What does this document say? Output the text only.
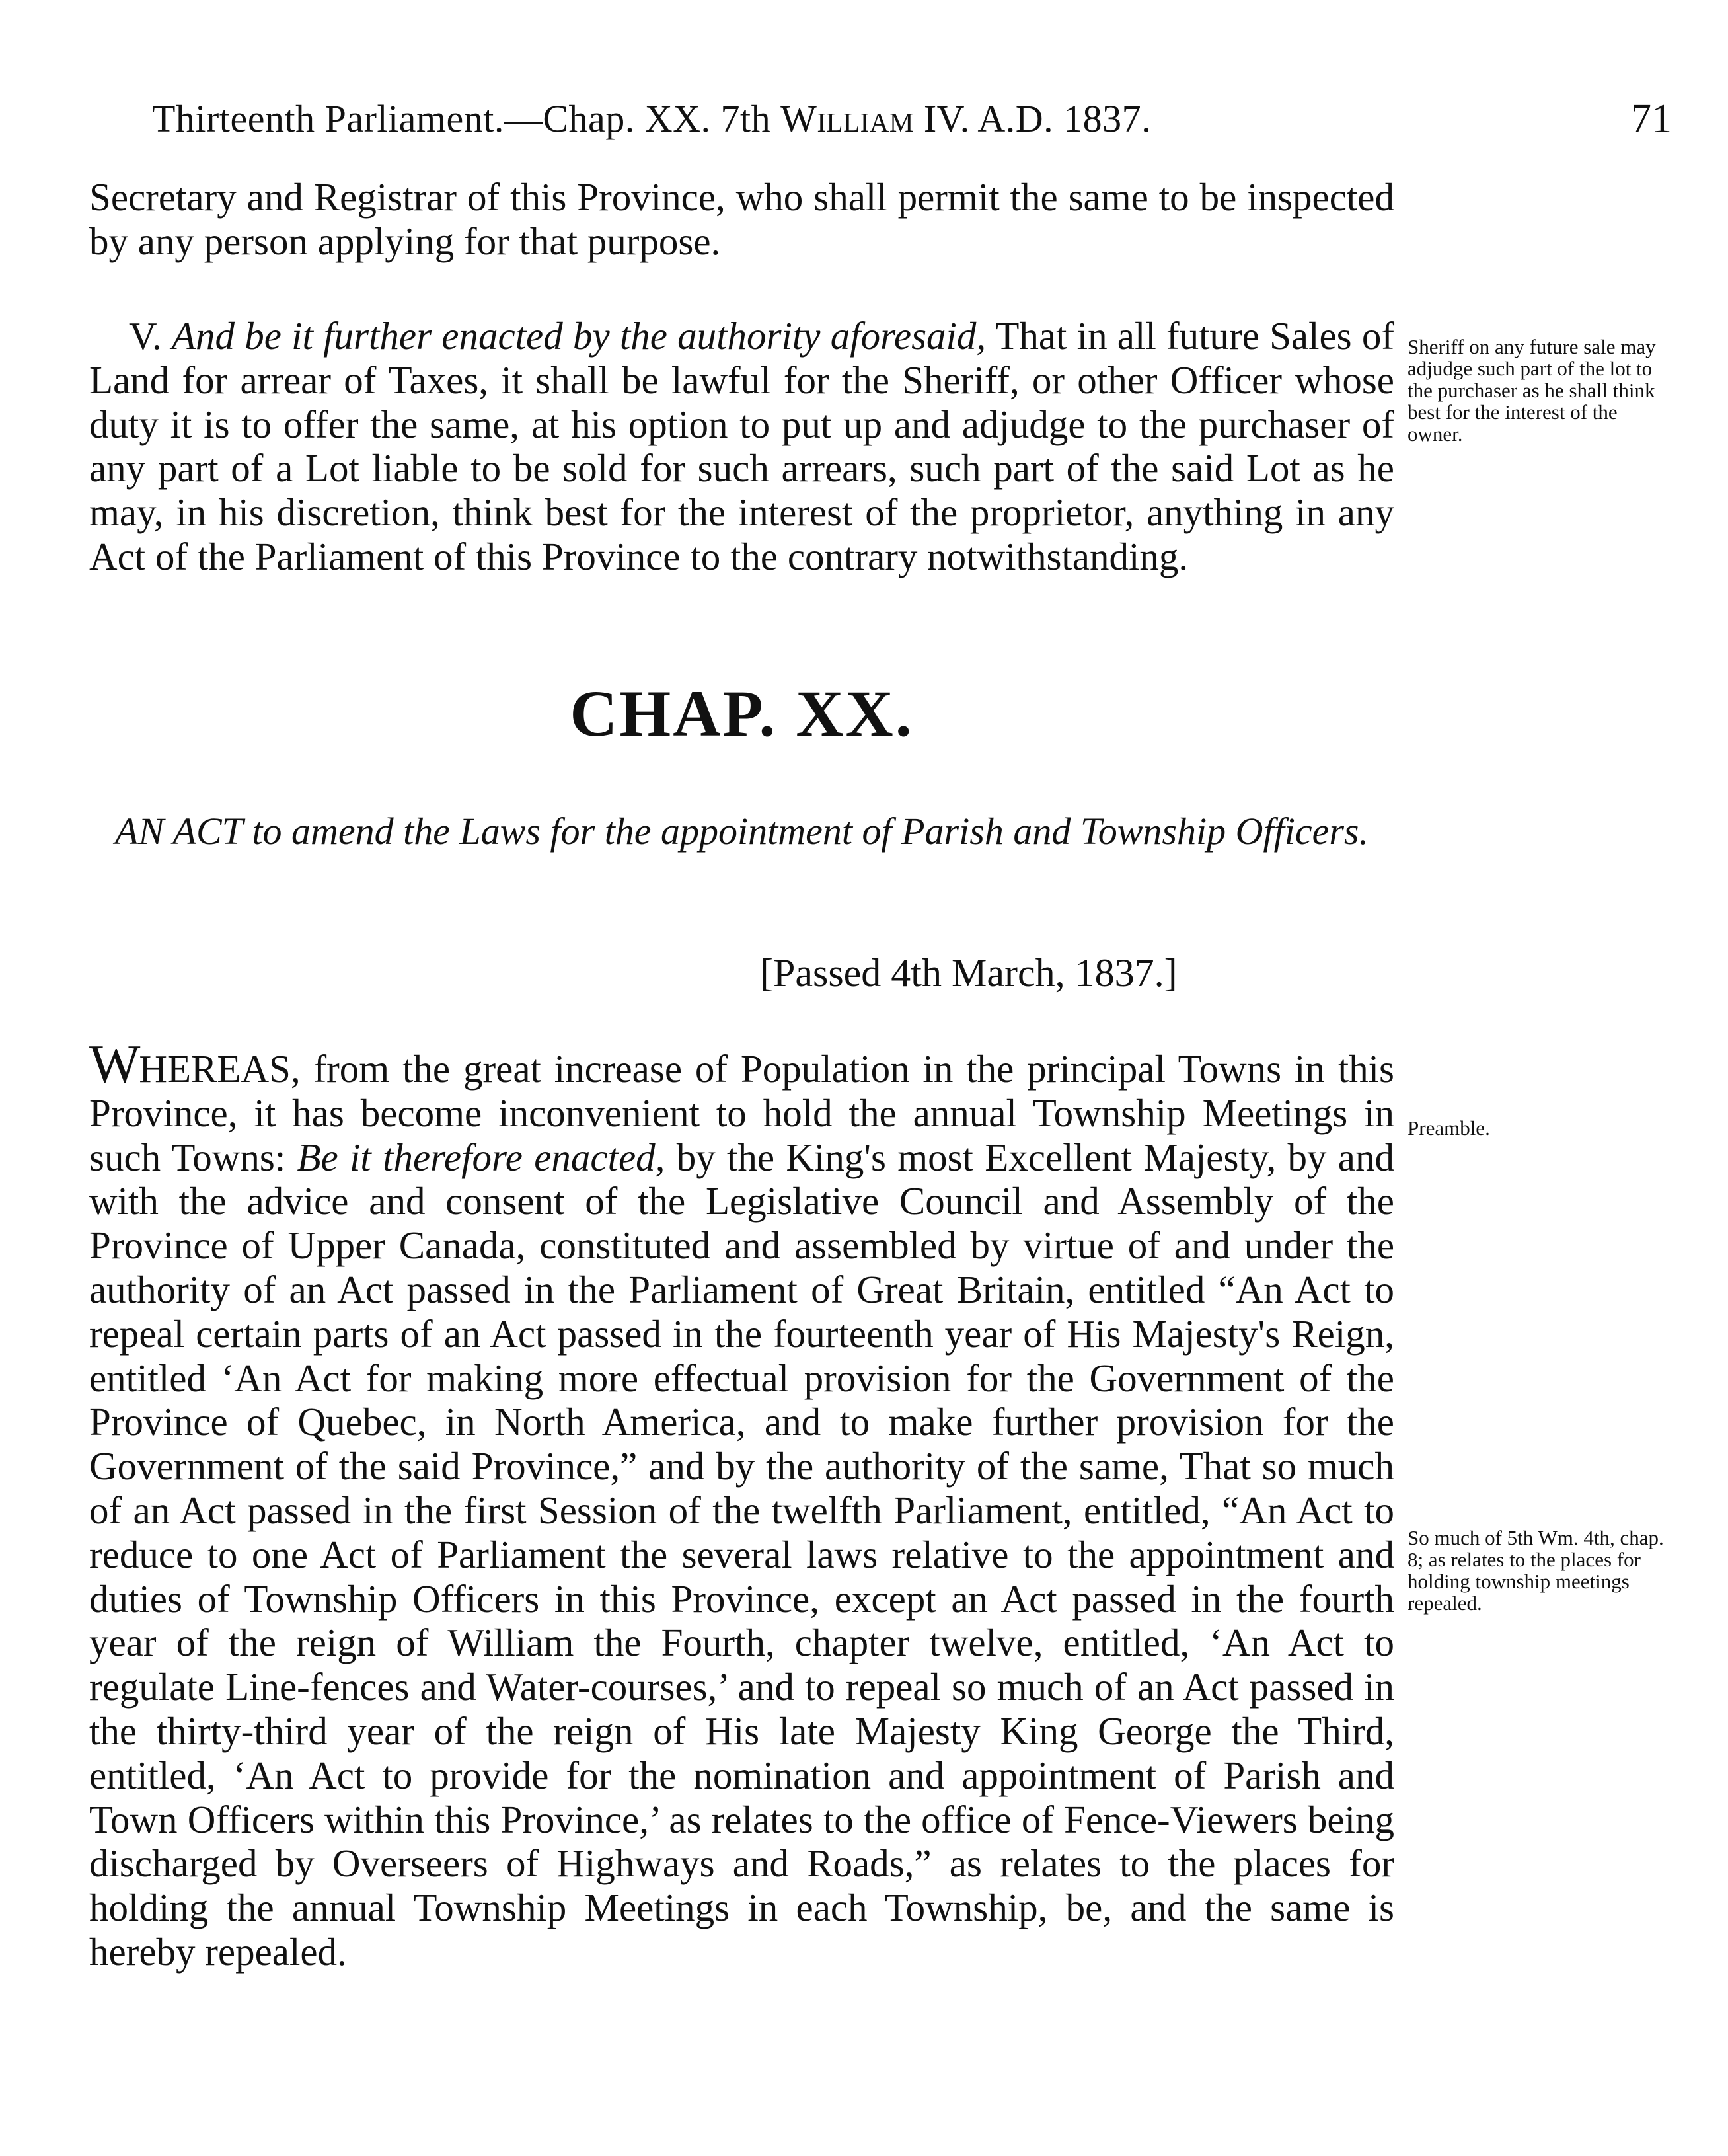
Thirteenth Parliament.—Chap. XX. 7th William IV. A.D. 1837.	71

Secretary and Registrar of this Province, who shall permit the same to be inspected by any person applying for that purpose.

V. And be it further enacted by the authority aforesaid, That in all future Sales of Land for arrear of Taxes, it shall be lawful for the Sheriff, or other Officer whose duty it is to offer the same, at his option to put up and adjudge to the purchaser of any part of a Lot liable to be sold for such arrears, such part of the said Lot as he may, in his discretion, think best for the interest of the proprietor, anything in any Act of the Parliament of this Province to the contrary notwithstanding.

Sheriff on any future sale may adjudge such part of the lot to the purchaser as he shall think best for the interest of the owner.
CHAP. XX.
AN ACT to amend the Laws for the appointment of Parish and Township Officers.
[Passed 4th March, 1837.]

WHEREAS, from the great increase of Population in the principal Towns in this Province, it has become inconvenient to hold the annual Township Meetings in such Towns: Be it therefore enacted, by the King's most Excellent Majesty, by and with the advice and consent of the Legislative Council and Assembly of the Province of Upper Canada, constituted and assembled by virtue of and under the authority of an Act passed in the Parliament of Great Britain, entitled “An Act to repeal certain parts of an Act passed in the fourteenth year of His Majesty's Reign, entitled ‘An Act for making more effectual provision for the Government of the Province of Quebec, in North America, and to make further provision for the Government of the said Province,” and by the authority of the same, That so much of an Act passed in the first Session of the twelfth Parliament, entitled, “An Act to reduce to one Act of Parliament the several laws relative to the appointment and duties of Township Officers in this Province, except an Act passed in the fourth year of the reign of William the Fourth, chapter twelve, entitled, ‘An Act to regulate Line-fences and Water-courses,’ and to repeal so much of an Act passed in the thirty-third year of the reign of His late Majesty King George the Third, entitled, ‘An Act to provide for the nomination and appointment of Parish and Town Officers within this Province,’ as relates to the office of Fence-Viewers being discharged by Overseers of Highways and Roads,” as relates to the places for holding the annual Township Meetings in each Township, be, and the same is hereby repealed.

Preamble.
So much of 5th Wm. 4th, chap. 8; as relates to the places for holding township meetings repealed.
